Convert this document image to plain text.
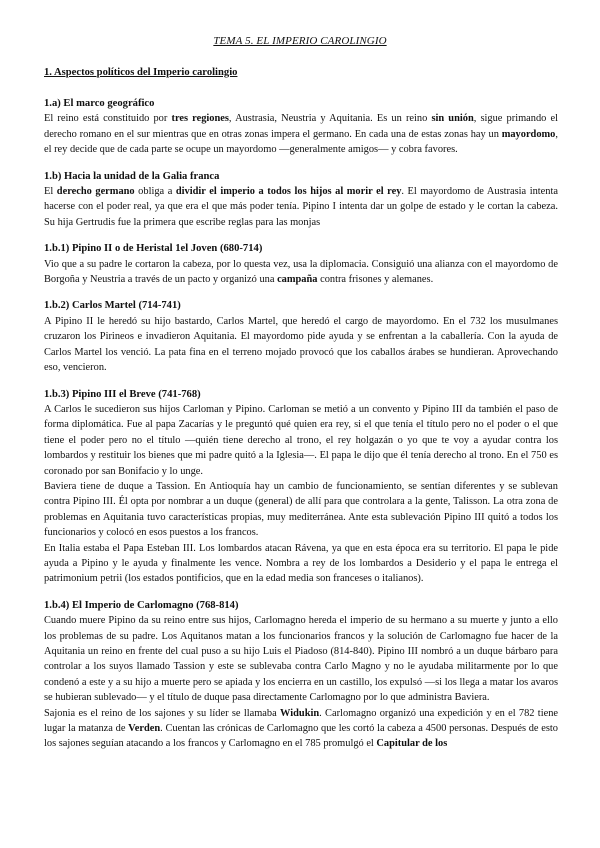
TEMA 5. EL IMPERIO CAROLINGIO
1. Aspectos políticos del Imperio carolingio
1.a) El marco geográfico

El reino está constituido por tres regiones, Austrasia, Neustria y Aquitania. Es un reino sin unión, sigue primando el derecho romano en el sur mientras que en otras zonas impera el germano. En cada una de estas zonas hay un mayordomo, el rey decide que de cada parte se ocupe un mayordomo —generalmente amigos— y cobra favores.

1.b) Hacia la unidad de la Galia franca

El derecho germano obliga a dividir el imperio a todos los hijos al morir el rey. El mayordomo de Austrasia intenta hacerse con el poder real, ya que era el que más poder tenía. Pipino I intenta dar un golpe de estado y le cortan la cabeza. Su hija Gertrudis fue la primera que escribe reglas para las monjas

1.b.1) Pipino II o de Heristal 1el Joven (680-714)

Vio que a su padre le cortaron la cabeza, por lo questa vez, usa la diplomacia. Consiguió una alianza con el mayordomo de Borgoña y Neustria a través de un pacto y organizó una campaña contra frisones y alemanes.

1.b.2) Carlos Martel (714-741)

A Pipino II le heredó su hijo bastardo, Carlos Martel, que heredó el cargo de mayordomo. En el 732 los musulmanes cruzaron los Pirineos e invadieron Aquitania. El mayordomo pide ayuda y se enfrentan a la caballería. Con la ayuda de Carlos Martel los venció. La pata fina en el terreno mojado provocó que los caballos árabes se hundieran. Aprovechando eso, vencieron.

1.b.3) Pipino III el Breve (741-768)

A Carlos le sucedieron sus hijos Carloman y Pipino. Carloman se metió a un convento y Pipino III da también el paso de forma diplomática. Fue al papa Zacarías y le preguntó qué quien era rey, si el que tenía el título pero no el poder o el que tiene el poder pero no el título —quién tiene derecho al trono, el rey holgazán o yo que te voy a ayudar contra los lombardos y restituir los bienes que mi padre quitó a la Iglesia—. El papa le dijo que él tenía derecho al trono. En el 750 es coronado por san Bonifacio y lo unge.

Baviera tiene de duque a Tassion. En Antioquía hay un cambio de funcionamiento, se sentían diferentes y se sublevan contra Pipino III. Él opta por nombrar a un duque (general) de allí para que controlara a la gente, Talisson. La otra zona de problemas en Aquitania tuvo características propias, muy mediterránea. Ante esta sublevación Pipino III quitó a todos los funcionarios y colocó en esos puestos a los francos.

En Italia estaba el Papa Esteban III. Los lombardos atacan Rávena, ya que en esta época era su territorio. El papa le pide ayuda a Pipino y le ayuda y finalmente les vence. Nombra a rey de los lombardos a Desiderio y el papa le entrega el patrimonium petrii (los estados pontificios, que en la edad media son franceses o italianos).

1.b.4) El Imperio de Carlomagno (768-814)

Cuando muere Pipino da su reino entre sus hijos, Carlomagno hereda el imperio de su hermano a su muerte y junto a ello los problemas de su padre. Los Aquitanos matan a los funcionarios francos y la solución de Carlomagno fue hacer de la Aquitania un reino en frente del cual puso a su hijo Luis el Piadoso (814-840). Pipino III nombró a un duque bárbaro para controlar a los suyos llamado Tassion y este se sublevaba contra Carlo Magno y no le ayudaba militarmente por lo que condenó a este y a su hijo a muerte pero se apiada y los encierra en un castillo, los expulsó —si los llega a matar los avaros se hubieran sublevado— y el título de duque pasa directamente Carlomagno por lo que administra Baviera.

Sajonia es el reino de los sajones y su líder se llamaba Widukin. Carlomagno organizó una expedición y en el 782 tiene lugar la matanza de Verden. Cuentan las crónicas de Carlomagno que les cortó la cabeza a 4500 personas. Después de esto los sajones seguían atacando a los francos y Carlomagno en el 785 promulgó el Capitular de los
